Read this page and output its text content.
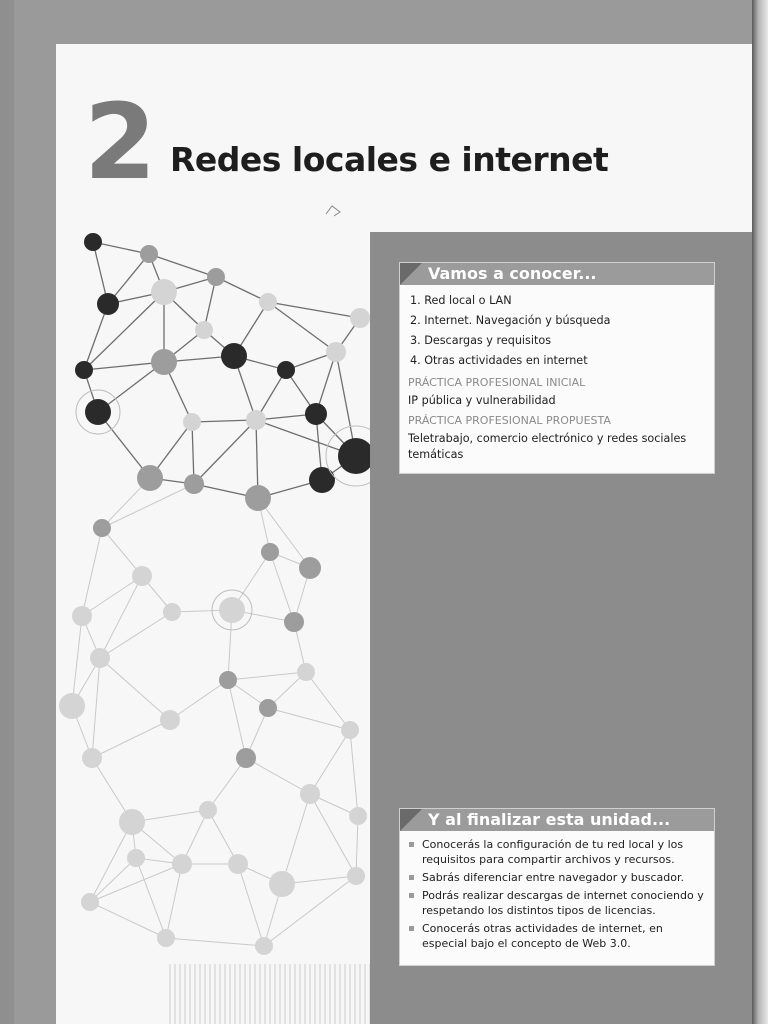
2 Redes locales e internet
Vamos a conocer...
1. Red local o LAN
2. Internet. Navegación y búsqueda
3. Descargas y requisitos
4. Otras actividades en internet
PRÁCTICA PROFESIONAL INICIAL
IP pública y vulnerabilidad
PRÁCTICA PROFESIONAL PROPUESTA
Teletrabajo, comercio electrónico y redes sociales temáticas
Y al finalizar esta unidad...
Conocerás la configuración de tu red local y los requisitos para compartir archivos y recursos.
Sabrás diferenciar entre navegador y buscador.
Podrás realizar descargas de internet conociendo y respetando los distintos tipos de licencias.
Conocerás otras actividades de internet, en especial bajo el concepto de Web 3.0.
